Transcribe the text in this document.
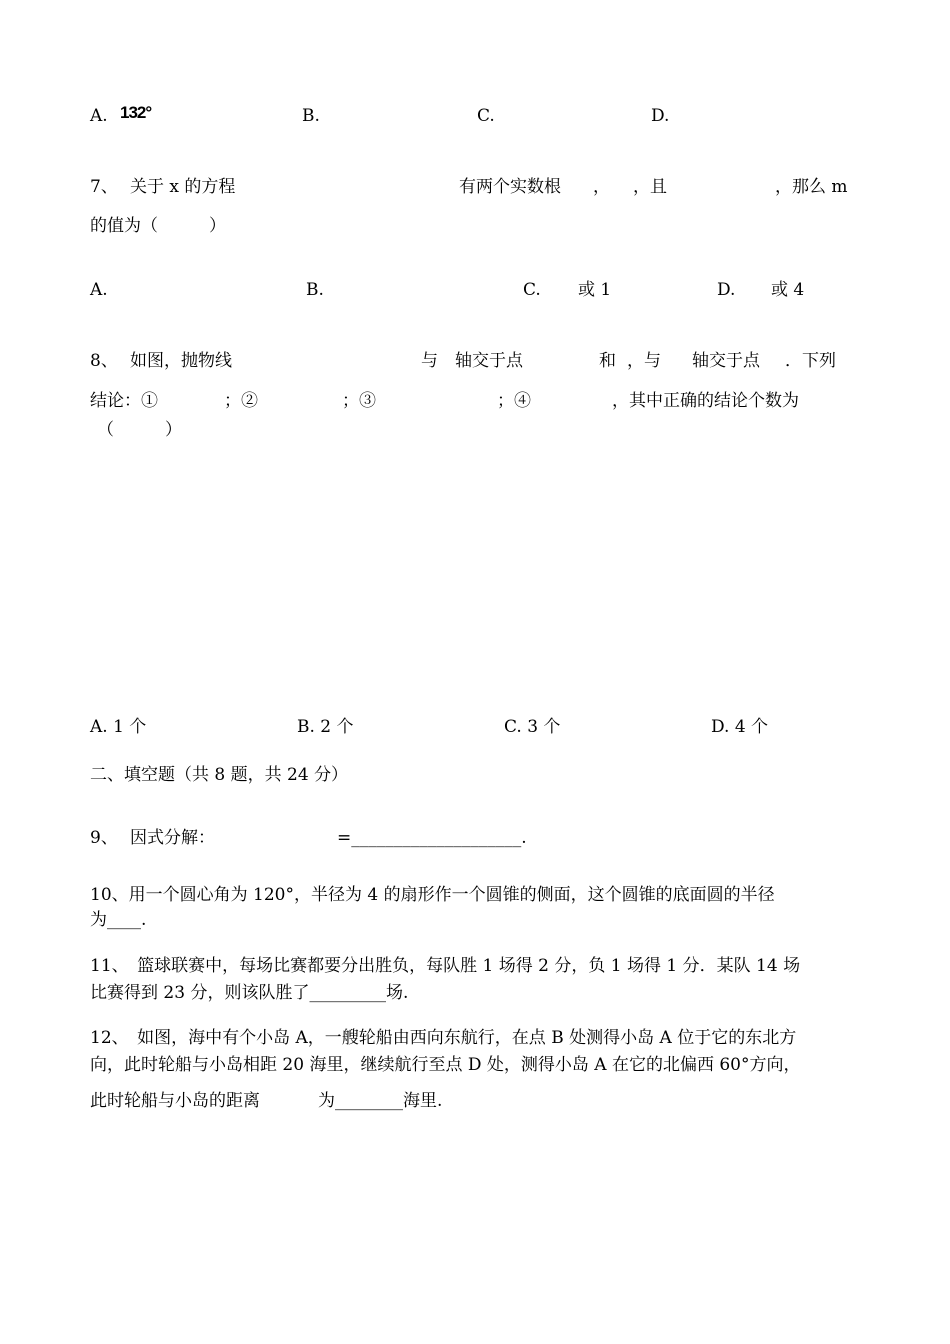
A. 132°	B.	C.	D.
7、 关于 x 的方程	有两个实数根 ， ，且	，那么 m
的值为（　　　）
A.	B.	C. 或 1	D. 或 4
8、 如图，抛物线	与 轴交于点	和 ，与 轴交于点 ．下列
结论：①	；②	；③	；④	，其中正确的结论个数为
（　　　）
A. 1 个	B. 2 个	C. 3 个	D. 4 个
二、填空题（共 8 题，共 24 分）
9、 因式分解：	=____________________.
10、用一个圆心角为 120°，半径为 4 的扇形作一个圆锥的侧面，这个圆锥的底面圆的半径
为____.
11、　篮球联赛中，每场比赛都要分出胜负，每队胜 1 场得 2 分，负 1 场得 1 分．某队 14 场
比赛得到 23 分，则该队胜了_________场.
12、　如图，海中有个小岛 A，一艘轮船由西向东航行，在点 B 处测得小岛 A 位于它的东北方
向，此时轮船与小岛相距 20 海里，继续航行至点 D 处，测得小岛 A 在它的北偏西 60°方向，
此时轮船与小岛的距离	为________海里.
